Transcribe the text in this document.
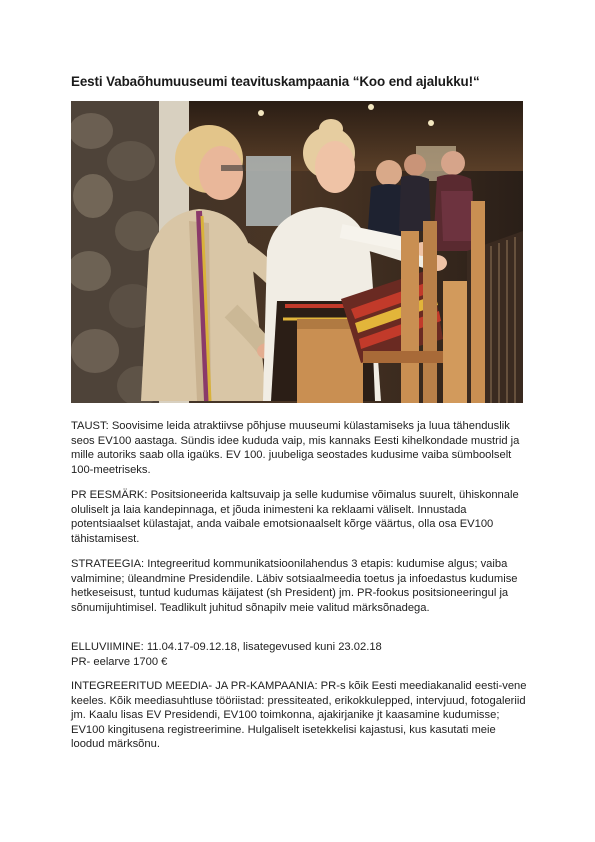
Eesti Vabaõhumuuseumi teavituskampaania “Koo end ajalukku!“

TAUST: Soovisime leida atraktiivse põhjuse muuseumi külastamiseks ja luua tähenduslik seos EV100 aastaga. Sündis idee kududa vaip, mis kannaks Eesti kihelkondade mustrid ja mille autoriks saab olla igaüks. EV 100. juubeliga seostades kudusime vaiba sümboolselt 100-meetriseks.

PR EESMÄRK: Positsioneerida kaltsuvaip ja selle kudumise võimalus suurelt, ühiskonnale oluliselt ja laia kandepinnaga, et jõuda inimesteni ka reklaami väliselt. Innustada potentsiaalset külastajat, anda vaibale emotsionaalselt kõrge väärtus, olla osa EV100 tähistamisest.

STRATEEGIA: Integreeritud kommunikatsioonilahendus 3 etapis: kudumise algus; vaiba valmimine; üleandmine Presidendile. Läbiv sotsiaalmeedia toetus ja infoedastus kudumise hetkeseisust, tuntud kudumas käijatest (sh President) jm. PR-fookus positsioneeringul ja sõnumijuhtimisel. Teadlikult juhitud sõnapilv meie valitud märksõnadega.

ELLUVIIMINE: 11.04.17-09.12.18, lisategevused kuni 23.02.18

PR- eelarve 1700 €

INTEGREERITUD MEEDIA- JA PR-KAMPAANIA: PR-s kõik Eesti meediakanalid eesti-vene keeles. Kõik meediasuhtluse tööriistad: pressiteated, erikokkulepped, intervjuud, fotogaleriid jm. Kaalu lisas EV Presidendi, EV100 toimkonna, ajakirjanike jt kaasamine kudumisse; EV100 kingitusena registreerimine. Hulgaliselt isetekkelisi kajastusi, kus kasutati meie loodud märksõnu.
